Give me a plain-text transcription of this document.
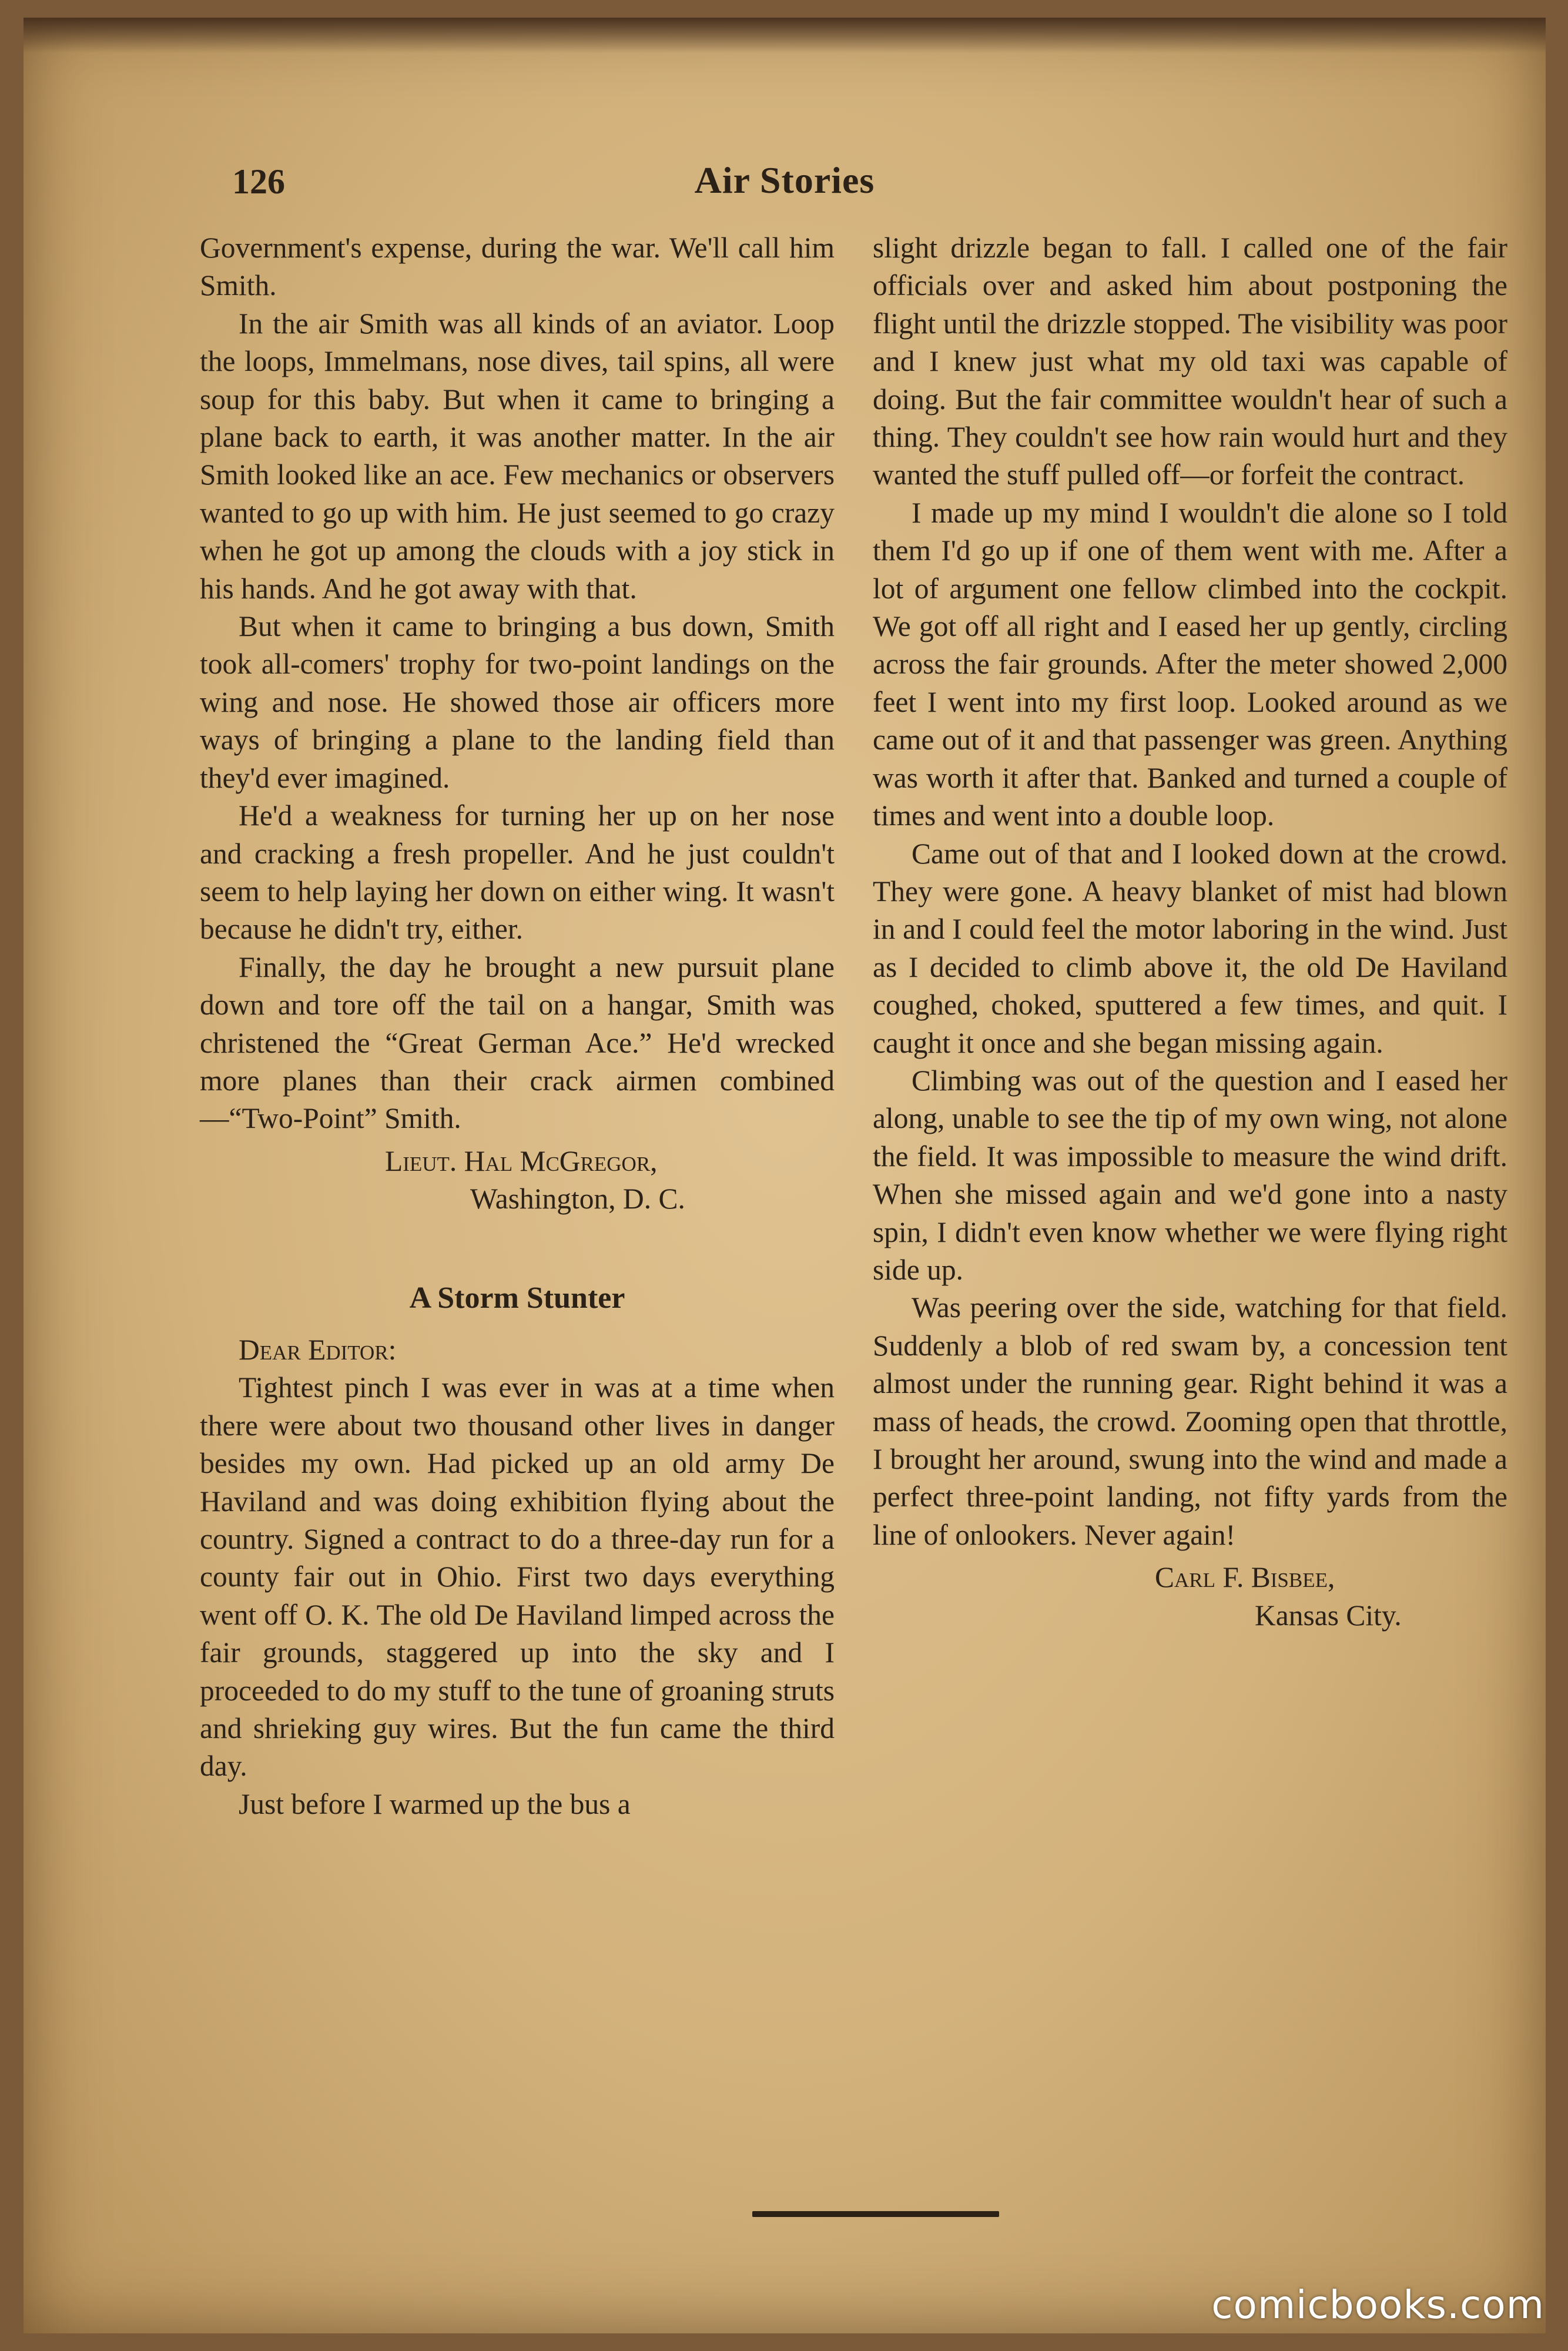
126	Air Stories

Government's expense, during the war. We'll call him Smith.

In the air Smith was all kinds of an aviator. Loop the loops, Immelmans, nose dives, tail spins, all were soup for this baby. But when it came to bringing a plane back to earth, it was another matter. In the air Smith looked like an ace. Few mechanics or observers wanted to go up with him. He just seemed to go crazy when he got up among the clouds with a joy stick in his hands. And he got away with that.

But when it came to bringing a bus down, Smith took all-comers' trophy for two-point landings on the wing and nose. He showed those air officers more ways of bringing a plane to the landing field than they'd ever imagined.

He'd a weakness for turning her up on her nose and cracking a fresh propeller. And he just couldn't seem to help laying her down on either wing. It wasn't because he didn't try, either.

Finally, the day he brought a new pursuit plane down and tore off the tail on a hangar, Smith was christened the “Great German Ace.” He'd wrecked more planes than their crack airmen combined—“Two-Point” Smith.

Lieut. Hal McGregor,
Washington, D. C.
A Storm Stunter

Dear Editor:

Tightest pinch I was ever in was at a time when there were about two thousand other lives in danger besides my own. Had picked up an old army De Haviland and was doing exhibition flying about the country. Signed a contract to do a three-day run for a county fair out in Ohio. First two days everything went off O. K. The old De Haviland limped across the fair grounds, staggered up into the sky and I proceeded to do my stuff to the tune of groaning struts and shrieking guy wires. But the fun came the third day.

Just before I warmed up the bus a

slight drizzle began to fall. I called one of the fair officials over and asked him about postponing the flight until the drizzle stopped. The visibility was poor and I knew just what my old taxi was capable of doing. But the fair committee wouldn't hear of such a thing. They couldn't see how rain would hurt and they wanted the stuff pulled off—or forfeit the contract.

I made up my mind I wouldn't die alone so I told them I'd go up if one of them went with me. After a lot of argument one fellow climbed into the cockpit. We got off all right and I eased her up gently, circling across the fair grounds. After the meter showed 2,000 feet I went into my first loop. Looked around as we came out of it and that passenger was green. Anything was worth it after that. Banked and turned a couple of times and went into a double loop.

Came out of that and I looked down at the crowd. They were gone. A heavy blanket of mist had blown in and I could feel the motor laboring in the wind. Just as I decided to climb above it, the old De Haviland coughed, choked, sputtered a few times, and quit. I caught it once and she began missing again.

Climbing was out of the question and I eased her along, unable to see the tip of my own wing, not alone the field. It was impossible to measure the wind drift. When she missed again and we'd gone into a nasty spin, I didn't even know whether we were flying right side up.

Was peering over the side, watching for that field. Suddenly a blob of red swam by, a concession tent almost under the running gear. Right behind it was a mass of heads, the crowd. Zooming open that throttle, I brought her around, swung into the wind and made a perfect three-point landing, not fifty yards from the line of onlookers. Never again!

Carl F. Bisbee,
Kansas City.
comicbooks.com
